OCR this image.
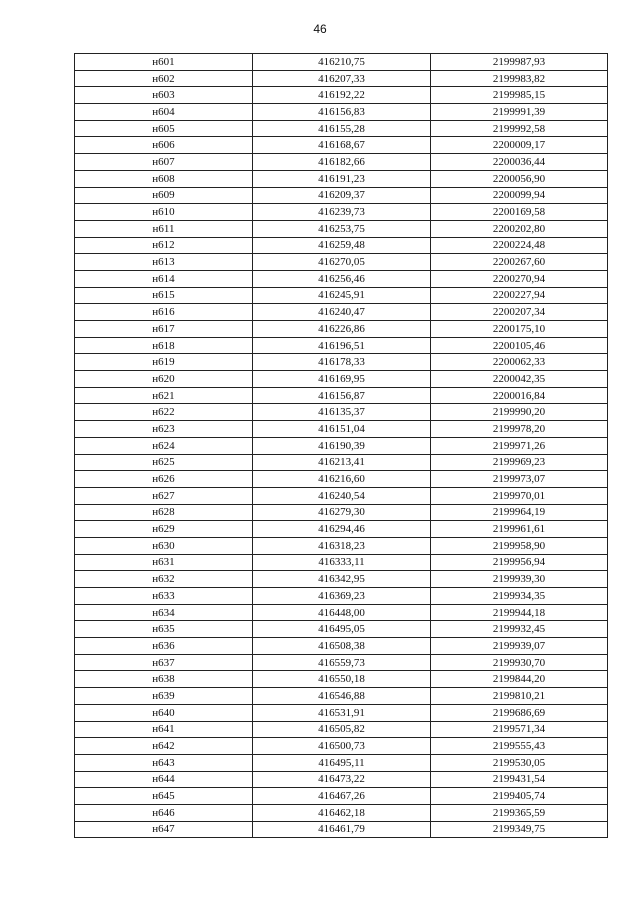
46
н601	416210,75	2199987,93
н602	416207,33	2199983,82
н603	416192,22	2199985,15
н604	416156,83	2199991,39
н605	416155,28	2199992,58
н606	416168,67	2200009,17
н607	416182,66	2200036,44
н608	416191,23	2200056,90
н609	416209,37	2200099,94
н610	416239,73	2200169,58
н611	416253,75	2200202,80
н612	416259,48	2200224,48
н613	416270,05	2200267,60
н614	416256,46	2200270,94
н615	416245,91	2200227,94
н616	416240,47	2200207,34
н617	416226,86	2200175,10
н618	416196,51	2200105,46
н619	416178,33	2200062,33
н620	416169,95	2200042,35
н621	416156,87	2200016,84
н622	416135,37	2199990,20
н623	416151,04	2199978,20
н624	416190,39	2199971,26
н625	416213,41	2199969,23
н626	416216,60	2199973,07
н627	416240,54	2199970,01
н628	416279,30	2199964,19
н629	416294,46	2199961,61
н630	416318,23	2199958,90
н631	416333,11	2199956,94
н632	416342,95	2199939,30
н633	416369,23	2199934,35
н634	416448,00	2199944,18
н635	416495,05	2199932,45
н636	416508,38	2199939,07
н637	416559,73	2199930,70
н638	416550,18	2199844,20
н639	416546,88	2199810,21
н640	416531,91	2199686,69
н641	416505,82	2199571,34
н642	416500,73	2199555,43
н643	416495,11	2199530,05
н644	416473,22	2199431,54
н645	416467,26	2199405,74
н646	416462,18	2199365,59
н647	416461,79	2199349,75
